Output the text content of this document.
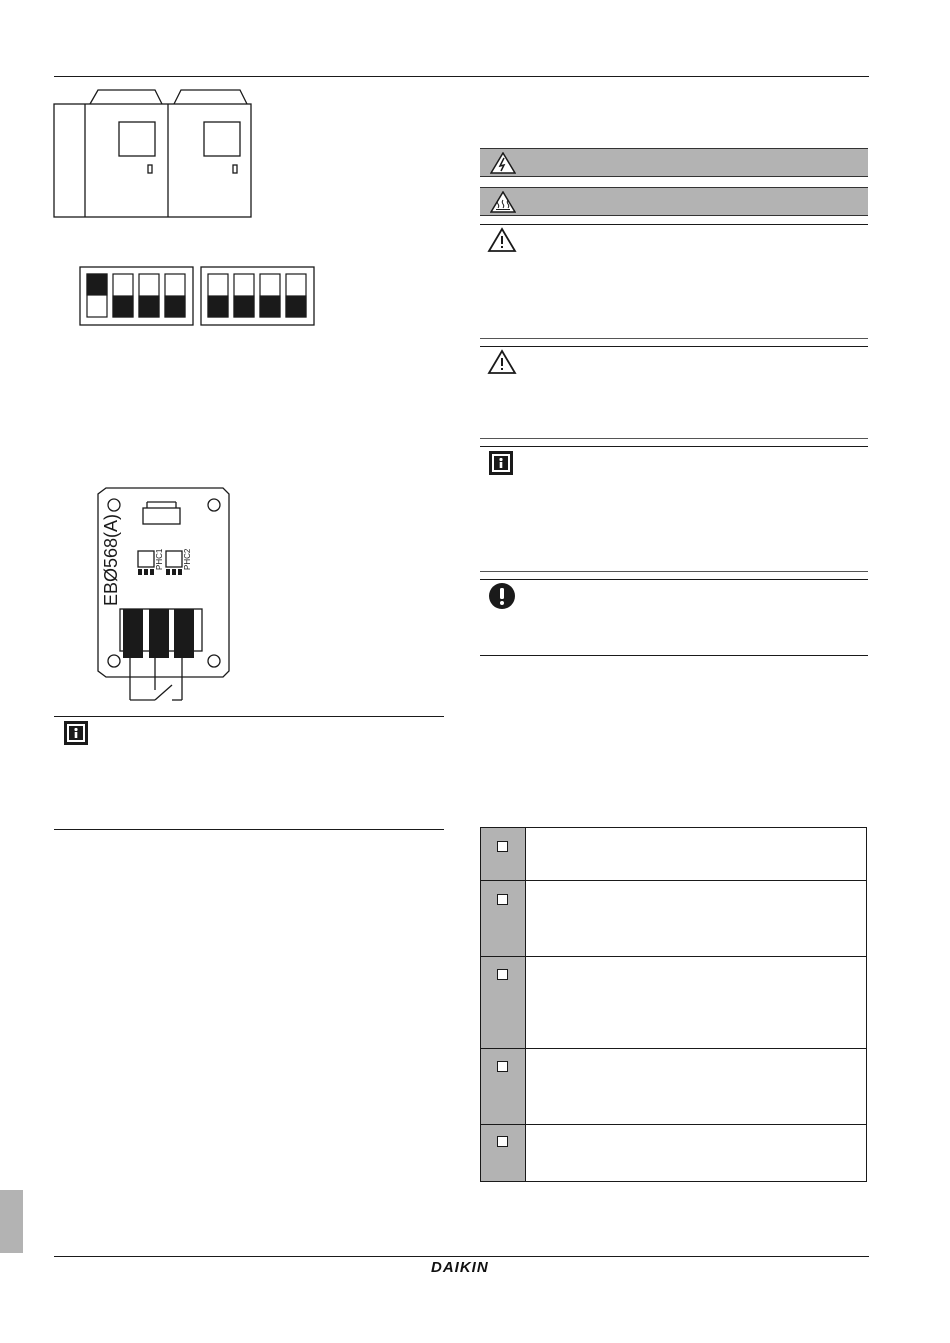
EBØ568(A)	PHC1 PHC2
DAIKIN
